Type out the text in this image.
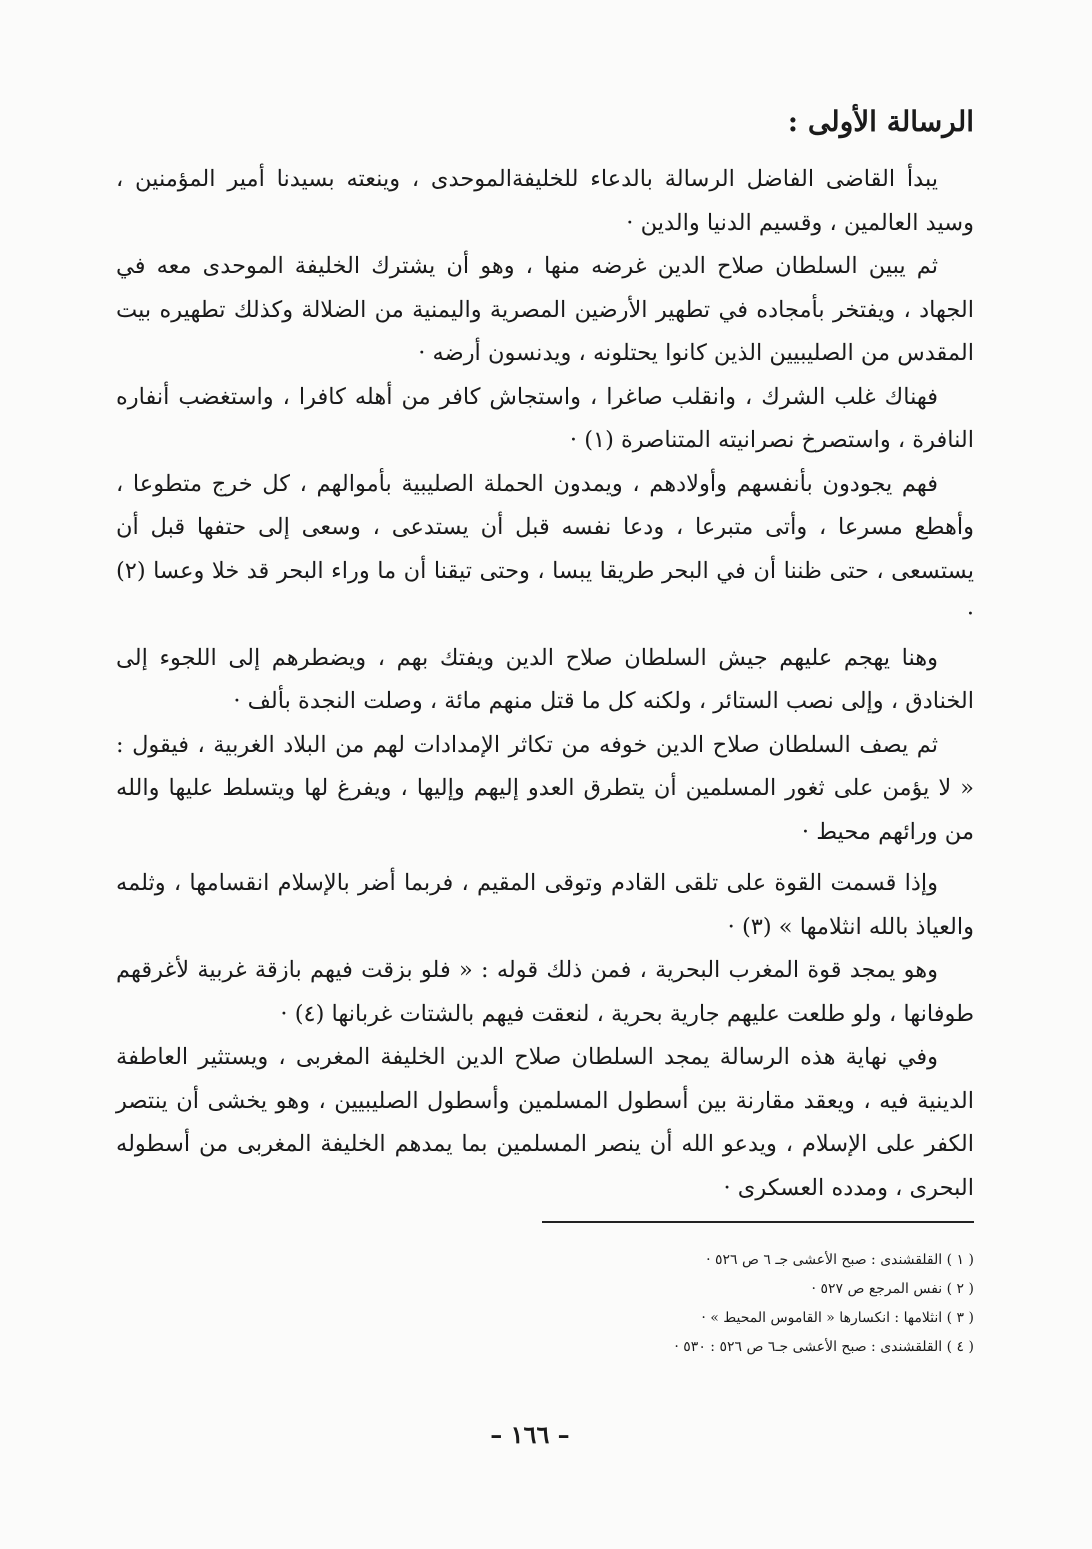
الرسالة الأولى :

يبدأ القاضى الفاضل الرسالة بالدعاء للخليفةالموحدى ، وينعته بسيدنا أمير المؤمنين ، وسيد العالمين ، وقسيم الدنيا والدين ·

ثم يبين السلطان صلاح الدين غرضه منها ، وهو أن يشترك الخليفة الموحدى معه في الجهاد ، ويفتخر بأمجاده في تطهير الأرضين المصرية واليمنية من الضلالة وكذلك تطهيره بيت المقدس من الصليبيين الذين كانوا يحتلونه ، ويدنسون أرضه ·

فهناك غلب الشرك ، وانقلب صاغرا ، واستجاش كافر من أهله كافرا ، واستغضب أنفاره النافرة ، واستصرخ نصرانيته المتناصرة (١) ·

فهم يجودون بأنفسهم وأولادهم ، ويمدون الحملة الصليبية بأموالهم ، كل خرج متطوعا ، وأهطع مسرعا ، وأتى متبرعا ، ودعا نفسه قبل أن يستدعى ، وسعى إلى حتفها قبل أن يستسعى ، حتى ظننا أن في البحر طريقا يبسا ، وحتى تيقنا أن ما وراء البحر قد خلا وعسا (٢) ·

وهنا يهجم عليهم جيش السلطان صلاح الدين ويفتك بهم ، ويضطرهم إلى اللجوء إلى الخنادق ، وإلى نصب الستائر ، ولكنه كل ما قتل منهم مائة ، وصلت النجدة بألف ·

ثم يصف السلطان صلاح الدين خوفه من تكاثر الإمدادات لهم من البلاد الغربية ، فيقول : « لا يؤمن على ثغور المسلمين أن يتطرق العدو إليهم وإليها ، ويفرغ لها ويتسلط عليها والله من ورائهم محيط ·

وإذا قسمت القوة على تلقى القادم وتوقى المقيم ، فربما أضر بالإسلام انقسامها ، وثلمه والعياذ بالله انثلامها » (٣) ·

وهو يمجد قوة المغرب البحرية ، فمن ذلك قوله : « فلو بزقت فيهم بازقة غربية لأغرقهم طوفانها ، ولو طلعت عليهم جارية بحرية ، لنعقت فيهم بالشتات غربانها (٤) ·

وفي نهاية هذه الرسالة يمجد السلطان صلاح الدين الخليفة المغربى ، ويستثير العاطفة الدينية فيه ، ويعقد مقارنة بين أسطول المسلمين وأسطول الصليبيين ، وهو يخشى أن ينتصر الكفر على الإسلام ، ويدعو الله أن ينصر المسلمين بما يمدهم الخليفة المغربى من أسطوله البحرى ، ومدده العسكرى ·

( ١ ) القلقشندى : صبح الأعشى جـ ٦ ص ٥٢٦ ·
( ٢ ) نفس المرجع ص ٥٢٧ ·
( ٣ ) انثلامها : انكسارها « القاموس المحيط » ·
( ٤ ) القلقشندى : صبح الأعشى جـ٦ ص ٥٢٦ : ٥٣٠ ·
– ١٦٦ –
